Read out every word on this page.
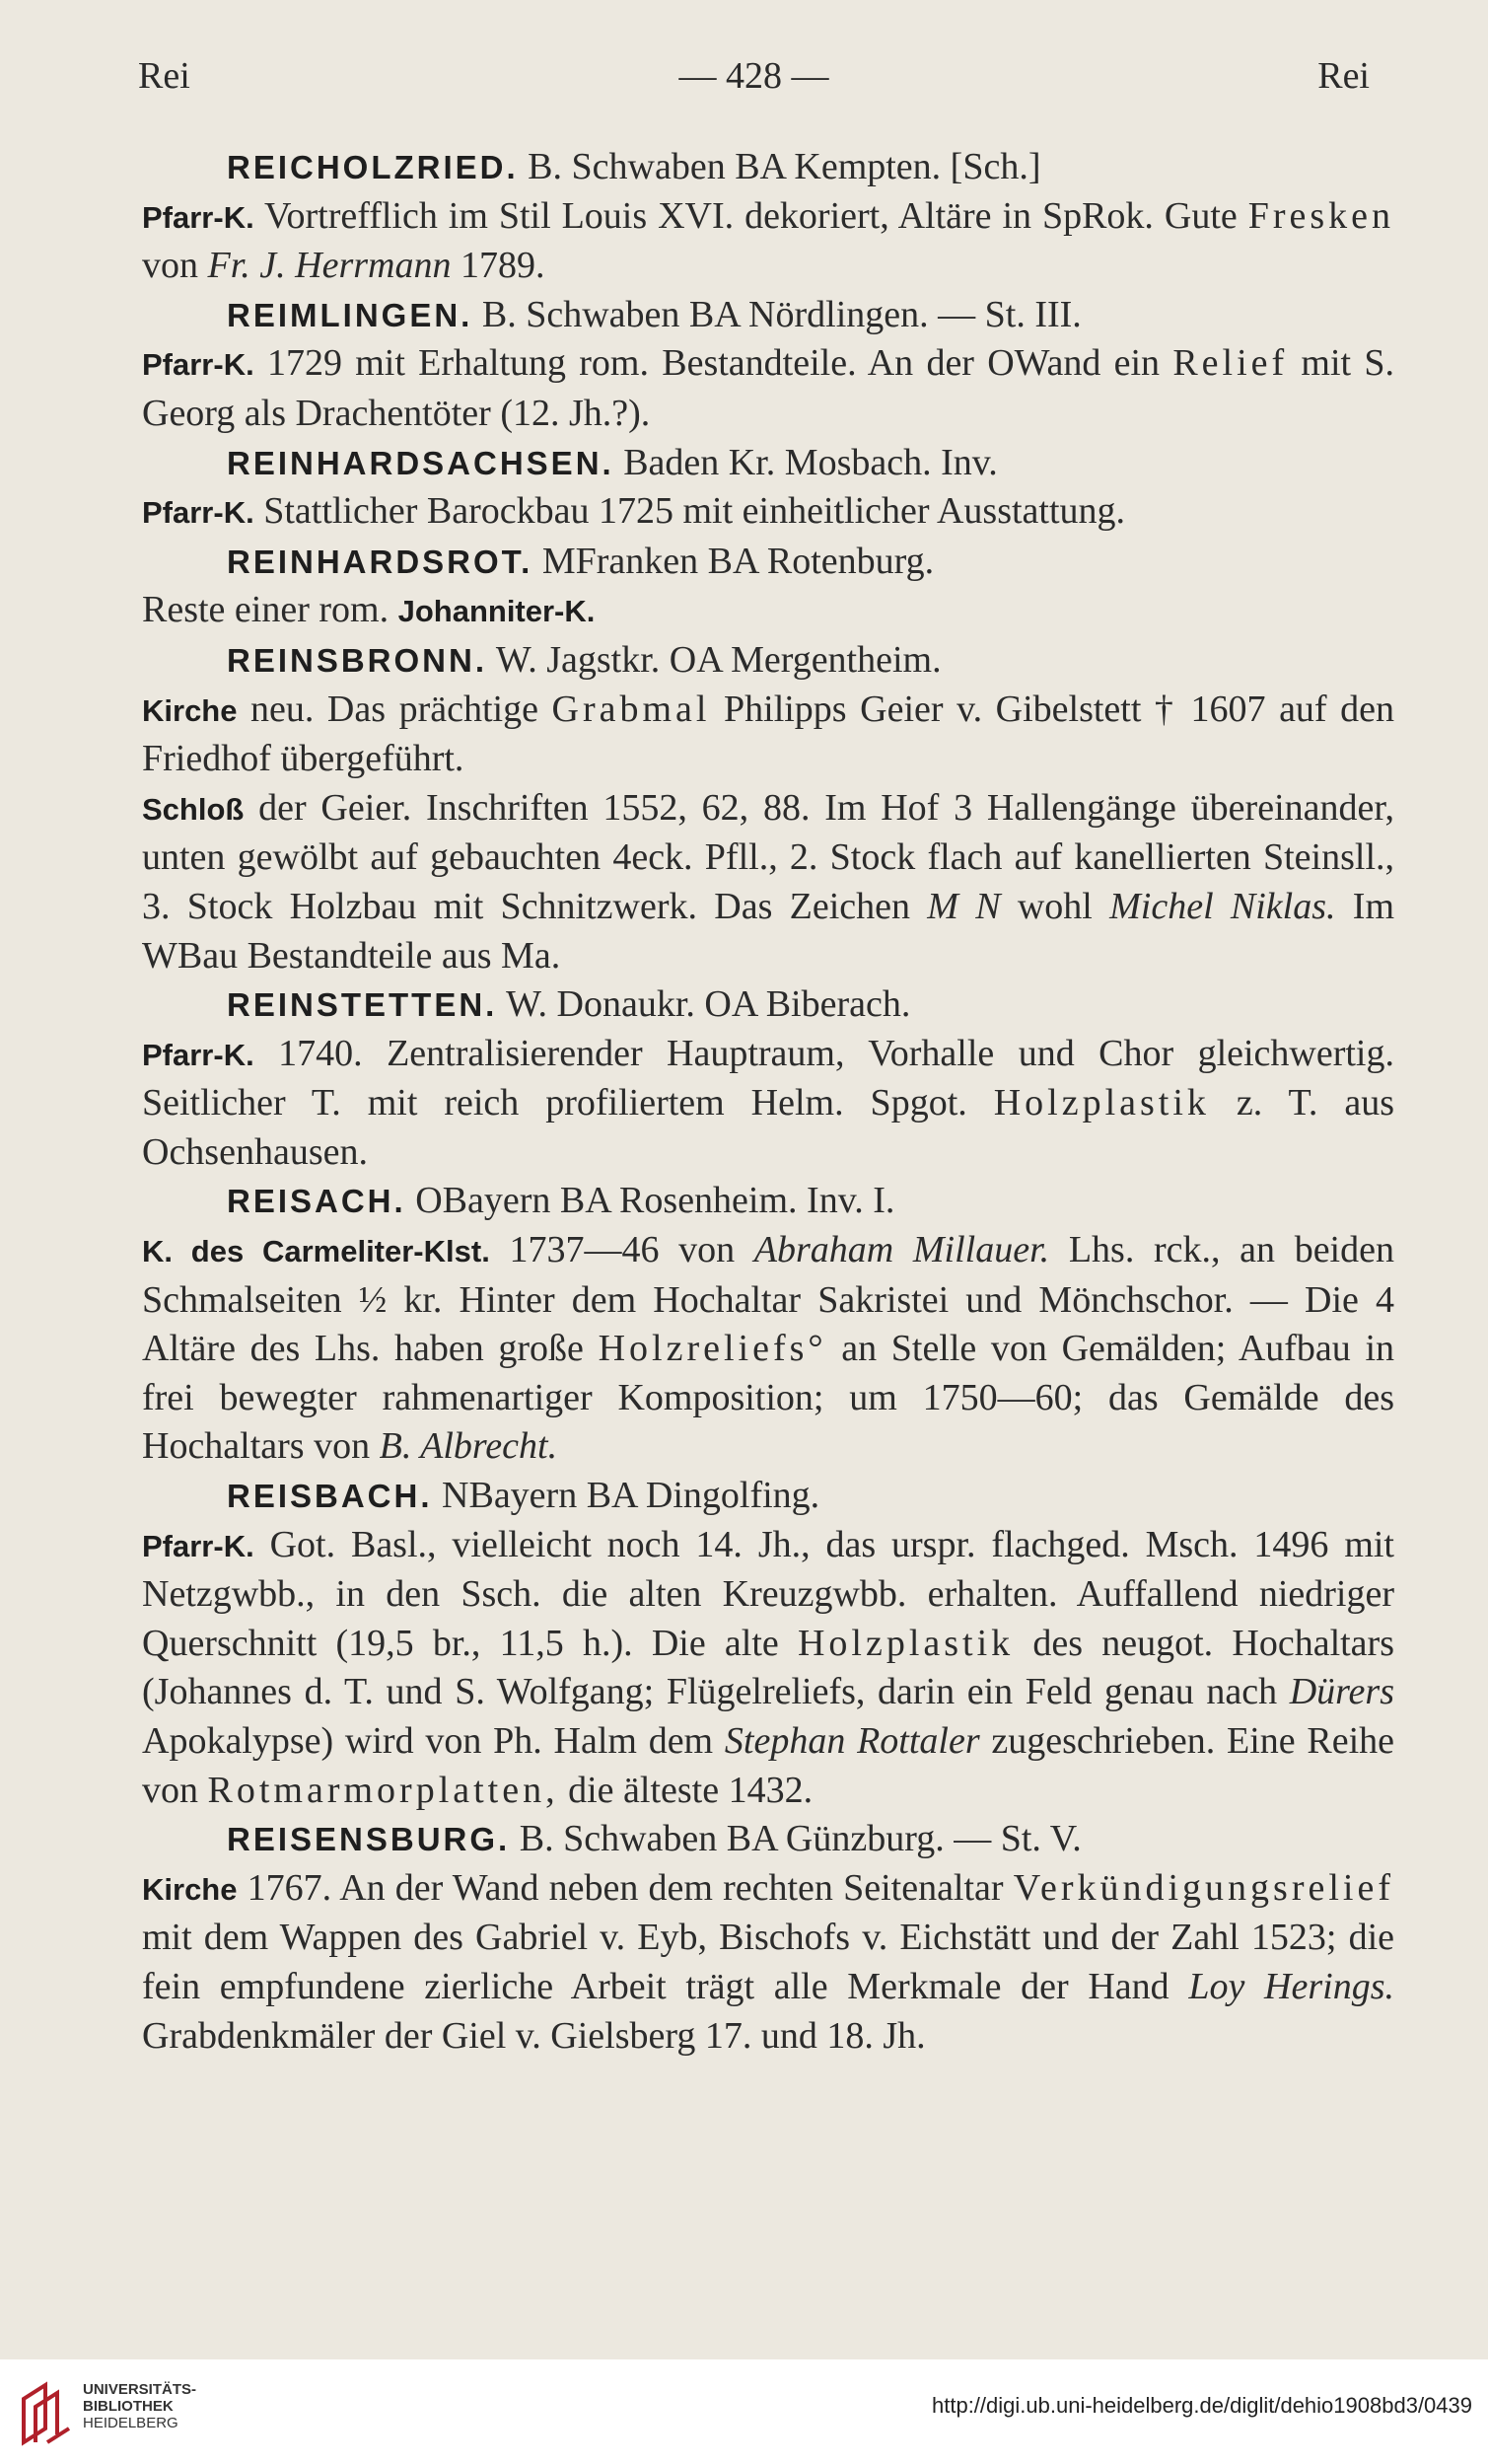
Rei	— 428 —	Rei

REICHOLZRIED. B. Schwaben BA Kempten. [Sch.]

Pfarr-K. Vortrefflich im Stil Louis XVI. dekoriert, Altäre in SpRok. Gute Fresken von Fr. J. Herrmann 1789.

REIMLINGEN. B. Schwaben BA Nördlingen. — St. III.

Pfarr-K. 1729 mit Erhaltung rom. Bestandteile. An der OWand ein Relief mit S. Georg als Drachentöter (12. Jh.?).

REINHARDSACHSEN. Baden Kr. Mosbach. Inv.

Pfarr-K. Stattlicher Barockbau 1725 mit einheitlicher Ausstattung.

REINHARDSROT. MFranken BA Rotenburg.

Reste einer rom. Johanniter-K.

REINSBRONN. W. Jagstkr. OA Mergentheim.

Kirche neu. Das prächtige Grabmal Philipps Geier v. Gibelstett † 1607 auf den Friedhof übergeführt.

Schloß der Geier. Inschriften 1552, 62, 88. Im Hof 3 Hallengänge übereinander, unten gewölbt auf gebauchten 4eck. Pfll., 2. Stock flach auf kanellierten Steinsll., 3. Stock Holzbau mit Schnitzwerk. Das Zeichen M N wohl Michel Niklas. Im WBau Bestandteile aus Ma.

REINSTETTEN. W. Donaukr. OA Biberach.

Pfarr-K. 1740. Zentralisierender Hauptraum, Vorhalle und Chor gleichwertig. Seitlicher T. mit reich profiliertem Helm. Spgot. Holzplastik z. T. aus Ochsenhausen.

REISACH. OBayern BA Rosenheim. Inv. I.

K. des Carmeliter-Klst. 1737—46 von Abraham Millauer. Lhs. rck., an beiden Schmalseiten ½ kr. Hinter dem Hochaltar Sakristei und Mönchschor. — Die 4 Altäre des Lhs. haben große Holzreliefs° an Stelle von Gemälden; Aufbau in frei bewegter rahmenartiger Komposition; um 1750—60; das Gemälde des Hochaltars von B. Albrecht.

REISBACH. NBayern BA Dingolfing.

Pfarr-K. Got. Basl., vielleicht noch 14. Jh., das urspr. flachged. Msch. 1496 mit Netzgwbb., in den Ssch. die alten Kreuzgwbb. erhalten. Auffallend niedriger Querschnitt (19,5 br., 11,5 h.). Die alte Holzplastik des neugot. Hochaltars (Johannes d. T. und S. Wolfgang; Flügelreliefs, darin ein Feld genau nach Dürers Apokalypse) wird von Ph. Halm dem Stephan Rottaler zugeschrieben. Eine Reihe von Rotmarmorplatten, die älteste 1432.

REISENSBURG. B. Schwaben BA Günzburg. — St. V.

Kirche 1767. An der Wand neben dem rechten Seitenaltar Verkündigungsrelief mit dem Wappen des Gabriel v. Eyb, Bischofs v. Eichstätt und der Zahl 1523; die fein empfundene zierliche Arbeit trägt alle Merkmale der Hand Loy Herings. Grabdenkmäler der Giel v. Gielsberg 17. und 18. Jh.

UNIVERSITÄTS-
BIBLIOTHEK
HEIDELBERG
http://digi.ub.uni-heidelberg.de/diglit/dehio1908bd3/0439
